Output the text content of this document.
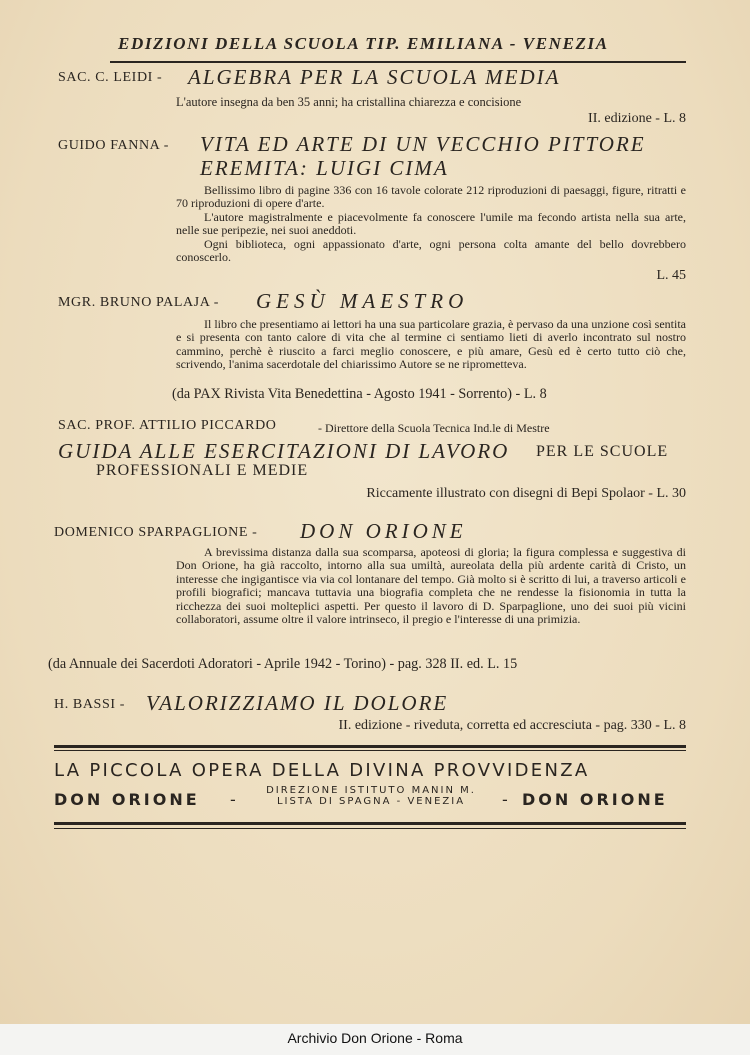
EDIZIONI DELLA SCUOLA TIP. EMILIANA - VENEZIA
SAC. C. LEIDI - ALGEBRA PER LA SCUOLA MEDIA
L'autore insegna da ben 35 anni; ha cristallina chiarezza e concisione
II. edizione - L. 8
GUIDO FANNA - VITA ED ARTE DI UN VECCHIO PITTORE
EREMITA: LUIGI CIMA

Bellissimo libro di pagine 336 con 16 tavole colorate 212 riproduzioni di paesaggi, figure, ritratti e 70 riproduzioni di opere d'arte.

L'autore magistralmente e piacevolmente fa conoscere l'umile ma fecondo artista nella sua arte, nelle sue peripezie, nei suoi aneddoti.

Ogni biblioteca, ogni appassionato d'arte, ogni persona colta amante del bello dovrebbero conoscerlo.

L. 45
MGR. BRUNO PALAJA - GESÙ MAESTRO

Il libro che presentiamo ai lettori ha una sua particolare grazia, è pervaso da una unzione così sentita e si presenta con tanto calore di vita che al termine ci sentiamo lieti di averlo incontrato sul nostro cammino, perchè è riuscito a farci meglio conoscere, e più amare, Gesù ed è certo tutto ciò che, scrivendo, l'anima sacerdotale del chiarissimo Autore se ne riprometteva.

(da PAX Rivista Vita Benedettina - Agosto 1941 - Sorrento) - L. 8
SAC. PROF. ATTILIO PICCARDO	- Direttore della Scuola Tecnica Ind.le di Mestre
GUIDA ALLE ESERCITAZIONI DI LAVORO PER LE SCUOLE
PROFESSIONALI E MEDIE
Riccamente illustrato con disegni di Bepi Spolaor - L. 30
DOMENICO SPARPAGLIONE - DON ORIONE

A brevissima distanza dalla sua scomparsa, apoteosi di gloria; la figura complessa e suggestiva di Don Orione, ha già raccolto, intorno alla sua umiltà, aureolata della più ardente carità di Cristo, un interesse che ingigantisce via via col lontanare del tempo. Già molto si è scritto di lui, a traverso articoli e profili biografici; mancava tuttavia una biografia completa che ne rendesse la fisionomia in tutta la ricchezza dei suoi molteplici aspetti. Per questo il lavoro di D. Sparpaglione, uno dei suoi più vicini collaboratori, assume oltre il valore intrinseco, il pregio e l'interesse di una primizia.

(da Annuale dei Sacerdoti Adoratori - Aprile 1942 - Torino) - pag. 328 II. ed. L. 15
H. BASSI - VALORIZZIAMO IL DOLORE
II. edizione - riveduta, corretta ed accresciuta - pag. 330 - L. 8
LA PICCOLA OPERA DELLA DIVINA PROVVIDENZA
DON ORIONE -	DIREZIONE ISTITUTO MANIN M.
LISTA DI SPAGNA - VENEZIA	- DON ORIONE
Archivio Don Orione - Roma
